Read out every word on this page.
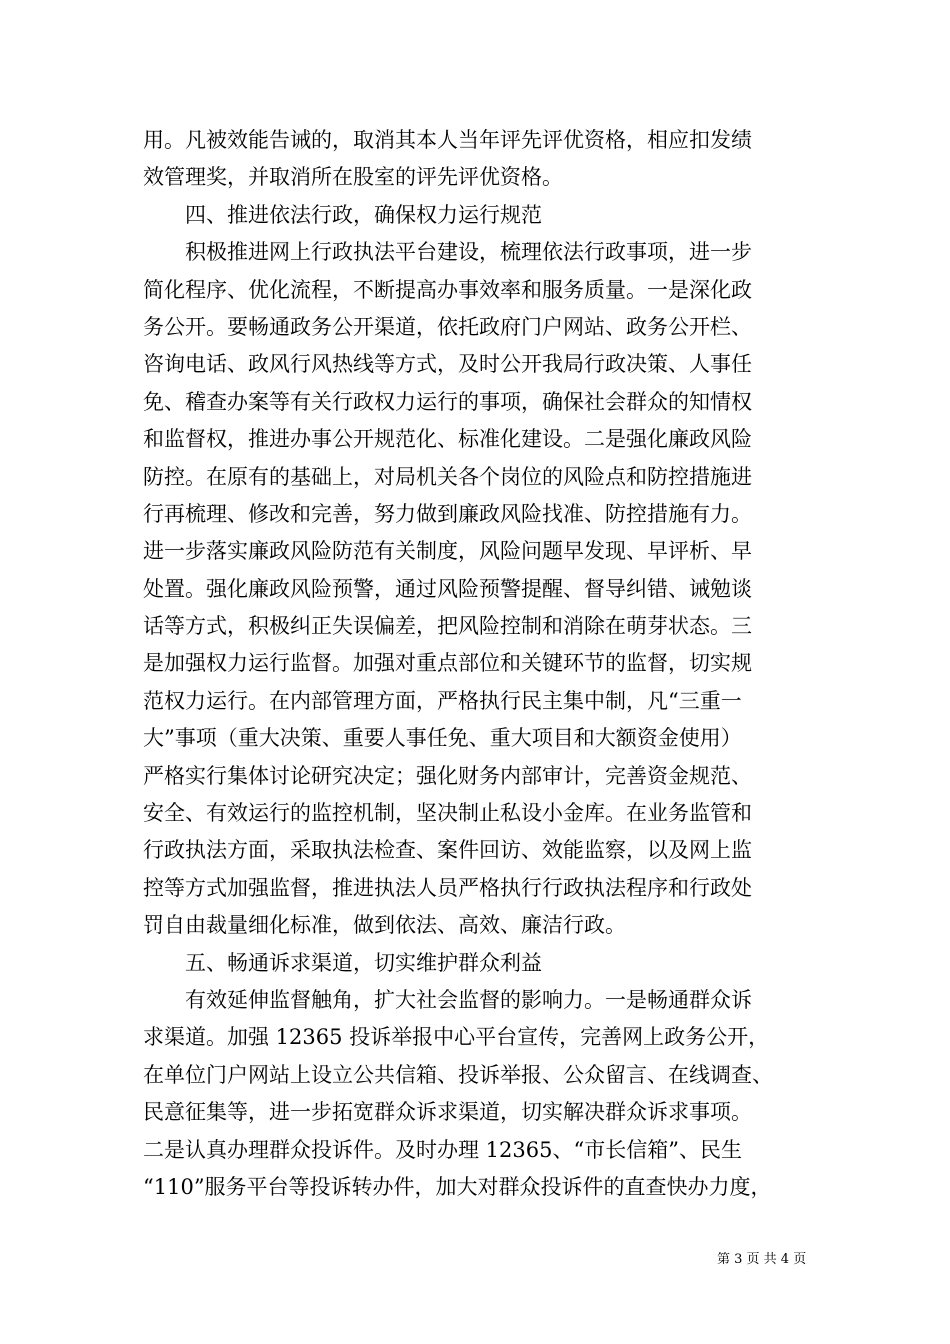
用。凡被效能告诫的，取消其本人当年评先评优资格，相应扣发绩
效管理奖，并取消所在股室的评先评优资格。
　　四、推进依法行政，确保权力运行规范
　　积极推进网上行政执法平台建设，梳理依法行政事项，进一步
简化程序、优化流程，不断提高办事效率和服务质量。一是深化政
务公开。要畅通政务公开渠道，依托政府门户网站、政务公开栏、
咨询电话、政风行风热线等方式，及时公开我局行政决策、人事任
免、稽查办案等有关行政权力运行的事项，确保社会群众的知情权
和监督权，推进办事公开规范化、标准化建设。二是强化廉政风险
防控。在原有的基础上，对局机关各个岗位的风险点和防控措施进
行再梳理、修改和完善，努力做到廉政风险找准、防控措施有力。
进一步落实廉政风险防范有关制度，风险问题早发现、早评析、早
处置。强化廉政风险预警，通过风险预警提醒、督导纠错、诫勉谈
话等方式，积极纠正失误偏差，把风险控制和消除在萌芽状态。三
是加强权力运行监督。加强对重点部位和关键环节的监督，切实规
范权力运行。在内部管理方面，严格执行民主集中制，凡“三重一
大”事项（重大决策、重要人事任免、重大项目和大额资金使用）
严格实行集体讨论研究决定；强化财务内部审计，完善资金规范、
安全、有效运行的监控机制，坚决制止私设小金库。在业务监管和
行政执法方面，采取执法检查、案件回访、效能监察，以及网上监
控等方式加强监督，推进执法人员严格执行行政执法程序和行政处
罚自由裁量细化标准，做到依法、高效、廉洁行政。
　　五、畅通诉求渠道，切实维护群众利益
　　有效延伸监督触角，扩大社会监督的影响力。一是畅通群众诉
求渠道。加强 12365 投诉举报中心平台宣传，完善网上政务公开，
在单位门户网站上设立公共信箱、投诉举报、公众留言、在线调查、
民意征集等，进一步拓宽群众诉求渠道，切实解决群众诉求事项。
二是认真办理群众投诉件。及时办理 12365、“市长信箱”、民生
“110”服务平台等投诉转办件，加大对群众投诉件的直查快办力度，
第 3 页 共 4 页
